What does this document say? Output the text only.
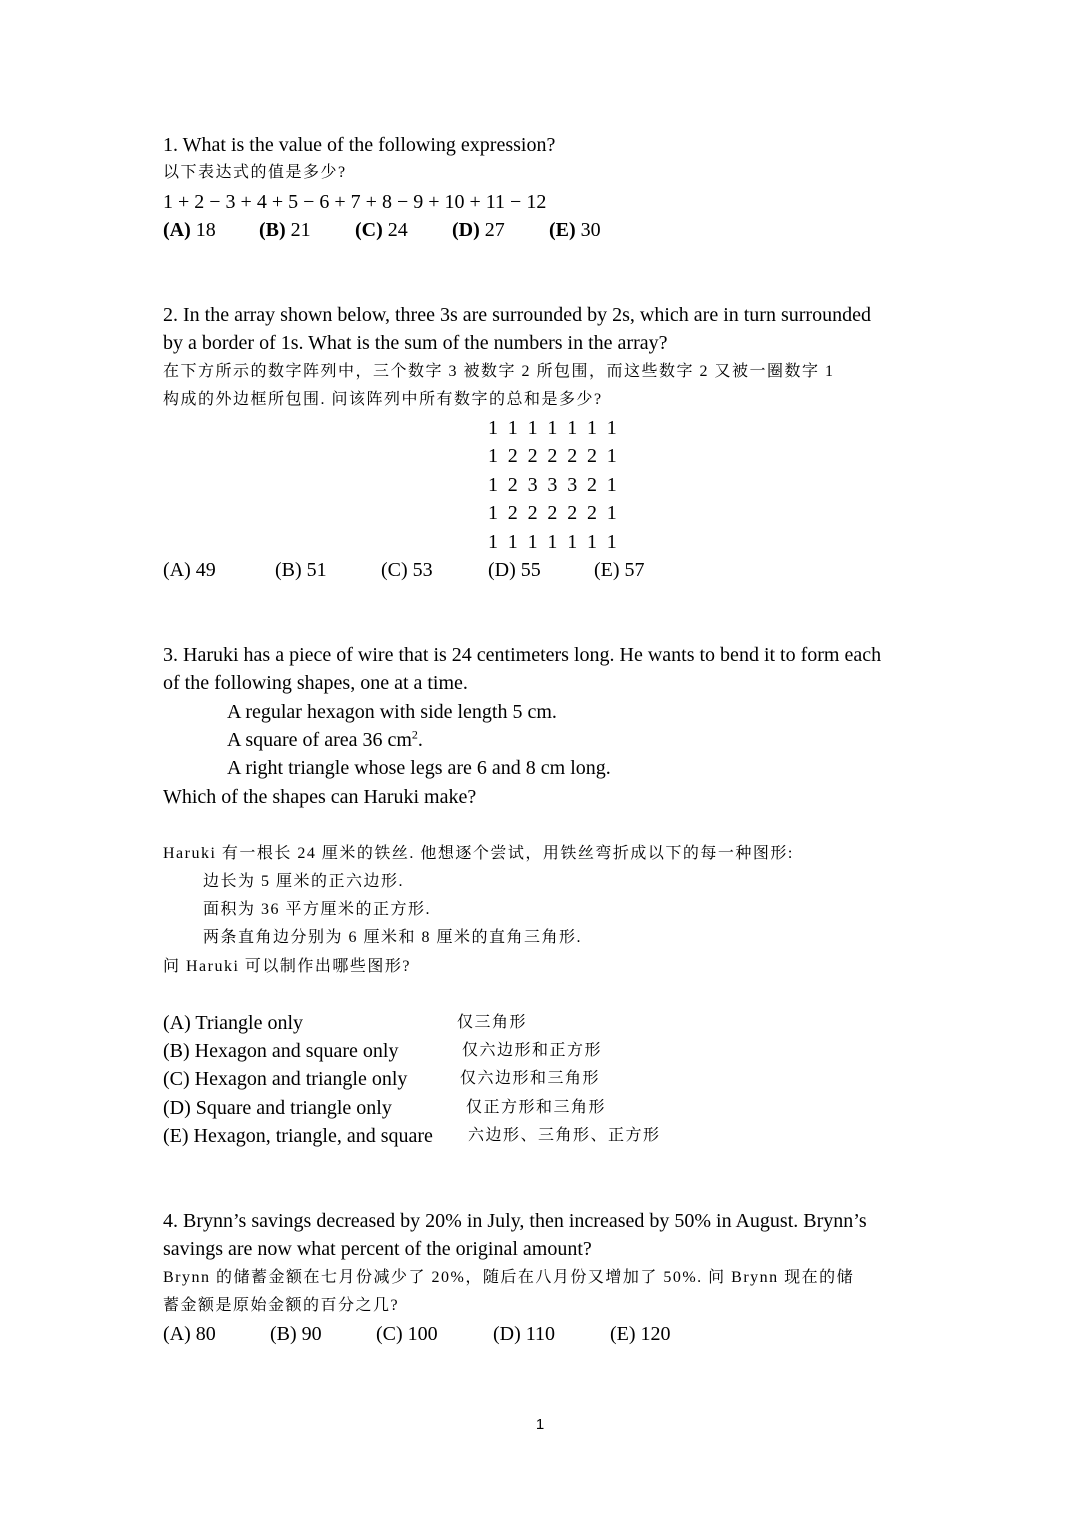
1. What is the value of the following expression?
以下表达式的值是多少?
1 + 2 − 3 + 4 + 5 − 6 + 7 + 8 − 9 + 10 + 11 − 12
(A) 18 (B) 21 (C) 24 (D) 27 (E) 30
2. In the array shown below, three 3s are surrounded by 2s, which are in turn surrounded
by a border of 1s. What is the sum of the numbers in the array?
在下方所示的数字阵列中，三个数字 3 被数字 2 所包围，而这些数字 2 又被一圈数字 1
构成的外边框所包围. 问该阵列中所有数字的总和是多少?
1 1 1 1 1 1 1
1 2 2 2 2 2 1
1 2 3 3 3 2 1
1 2 2 2 2 2 1
1 1 1 1 1 1 1
(A) 49	(B) 51	(C) 53	(D) 55	(E) 57
3. Haruki has a piece of wire that is 24 centimeters long. He wants to bend it to form each
of the following shapes, one at a time.
A regular hexagon with side length 5 cm.
A square of area 36 $cm^2$.
A right triangle whose legs are 6 and 8 cm long.
Which of the shapes can Haruki make?
Haruki 有一根长 24 厘米的铁丝. 他想逐个尝试，用铁丝弯折成以下的每一种图形:
边长为 5 厘米的正六边形.
面积为 36 平方厘米的正方形.
两条直角边分别为 6 厘米和 8 厘米的直角三角形.
问 Haruki 可以制作出哪些图形?
(A) Triangle only	仅三角形
(B) Hexagon and square only	仅六边形和正方形
(C) Hexagon and triangle only	仅六边形和三角形
(D) Square and triangle only	仅正方形和三角形
(E) Hexagon, triangle, and square 六边形、三角形、正方形
4. Brynn’s savings decreased by 20% in July, then increased by 50% in August. Brynn’s
savings are now what percent of the original amount?
Brynn 的储蓄金额在七月份减少了 20%，随后在八月份又增加了 50%. 问 Brynn 现在的储
蓄金额是原始金额的百分之几?
(A) 80	(B) 90	(C) 100	(D) 110	(E) 120
1
